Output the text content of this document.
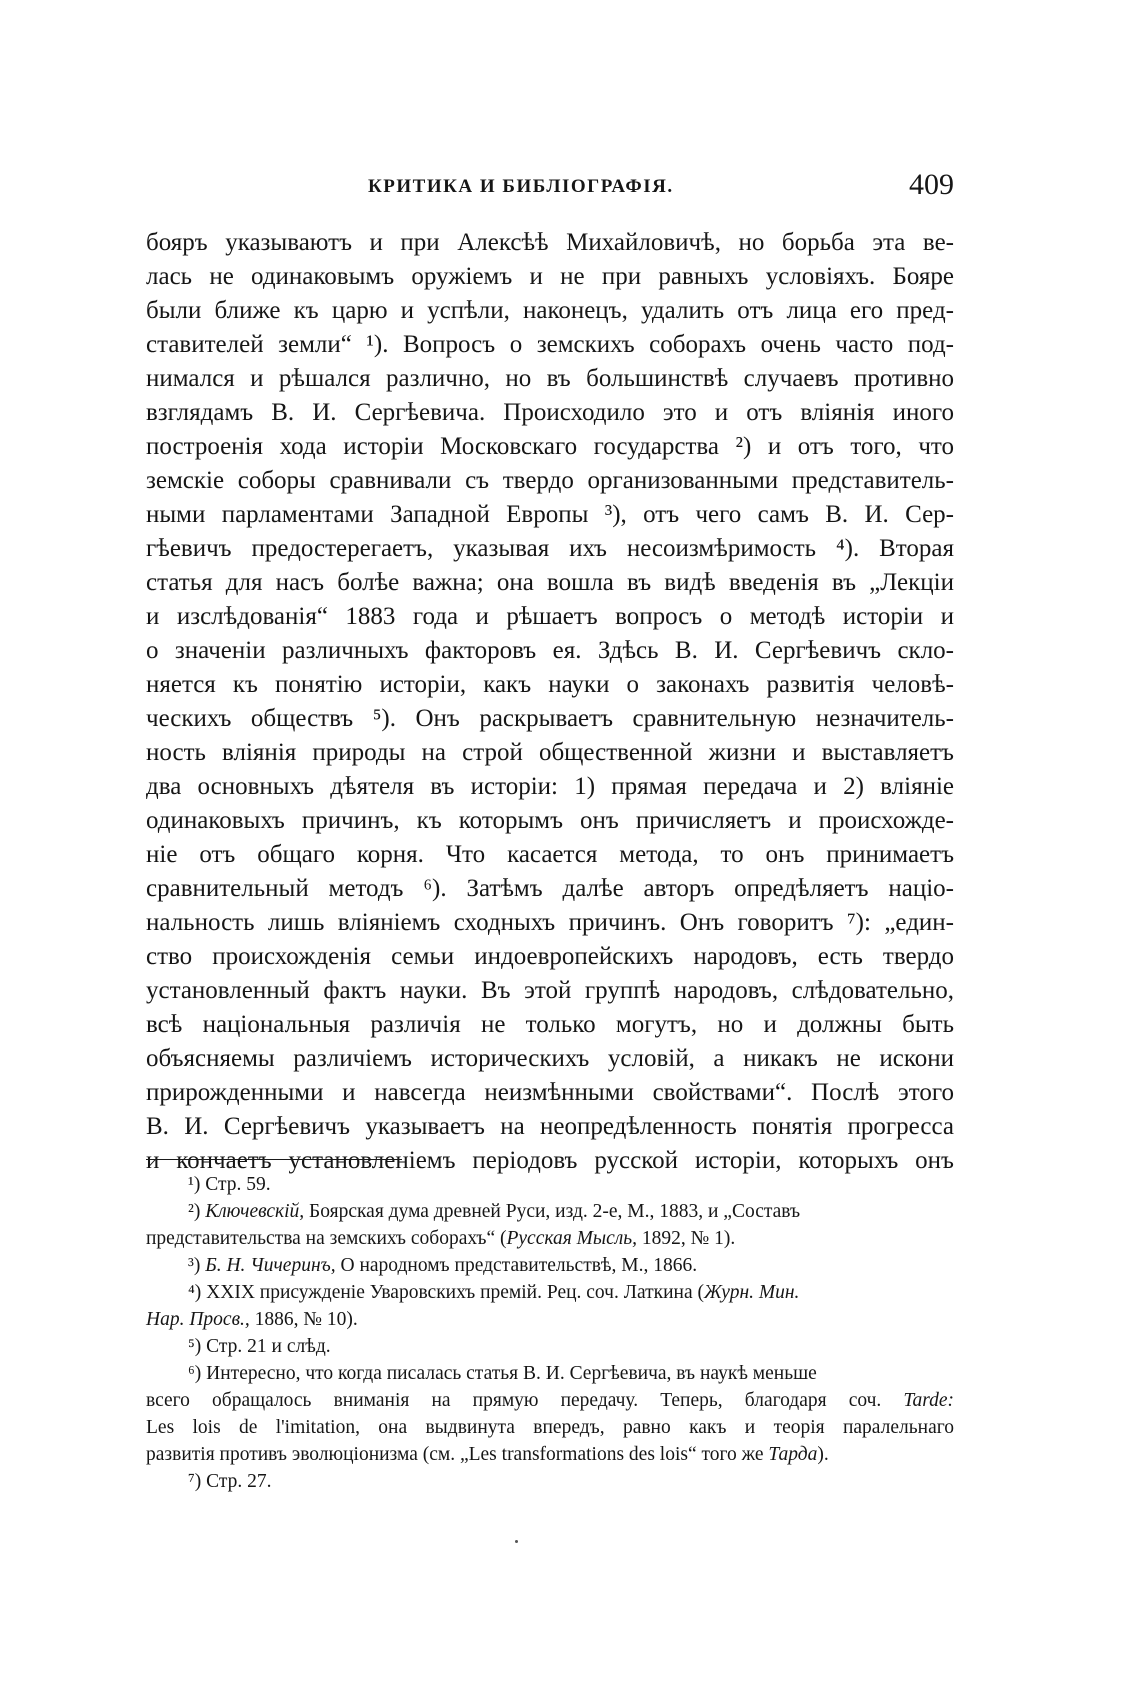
КРИТИКА И БИБЛІОГРАФІЯ.	409
бояръ указываютъ и при Алексѣѣ Михайловичѣ, но борьба эта ве-
лась не одинаковымъ оружіемъ и не при равныхъ условіяхъ. Бояре
были ближе къ царю и успѣли, наконецъ, удалить отъ лица его пред-
ставителей земли“ ¹). Вопросъ о земскихъ соборахъ очень часто под-
нимался и рѣшался различно, но въ большинствѣ случаевъ противно
взглядамъ В. И. Сергѣевича. Происходило это и отъ вліянія иного
построенія хода исторіи Московскаго государства ²) и отъ того, что
земскіе соборы сравнивали съ твердо организованными представитель-
ными парламентами Западной Европы ³), отъ чего самъ В. И. Сер-
гѣевичъ предостерегаетъ, указывая ихъ несоизмѣримость ⁴). Вторая
статья для насъ болѣе важна; она вошла въ видѣ введенія въ „Лекціи
и изслѣдованія“ 1883 года и рѣшаетъ вопросъ о методѣ исторіи и
о значеніи различныхъ факторовъ ея. Здѣсь В. И. Сергѣевичъ скло-
няется къ понятію исторіи, какъ науки о законахъ развитія человѣ-
ческихъ обществъ ⁵). Онъ раскрываетъ сравнительную незначитель-
ность вліянія природы на строй общественной жизни и выставляетъ
два основныхъ дѣятеля въ исторіи: 1) прямая передача и 2) вліяніе
одинаковыхъ причинъ, къ которымъ онъ причисляетъ и происхожде-
ніе отъ общаго корня. Что касается метода, то онъ принимаетъ
сравнительный методъ ⁶). Затѣмъ далѣе авторъ опредѣляетъ націо-
нальность лишь вліяніемъ сходныхъ причинъ. Онъ говоритъ ⁷): „един-
ство происхожденія семьи индоевропейскихъ народовъ, есть твердо
установленный фактъ науки. Въ этой группѣ народовъ, слѣдовательно,
всѣ національныя различія не только могутъ, но и должны быть
объясняемы различіемъ историческихъ условій, а никакъ не искони
прирожденными и навсегда неизмѣнными свойствами“. Послѣ этого
В. И. Сергѣевичъ указываетъ на неопредѣленность понятія прогресса
и кончаетъ установленіемъ періодовъ русской исторіи, которыхъ онъ
¹) Стр. 59.
²) Ключевскій, Боярская дума древней Руси, изд. 2-е, М., 1883, и „Составъ
представительства на земскихъ соборахъ“ (Русская Мысль, 1892, № 1).
³) Б. Н. Чичеринъ, О народномъ представительствѣ, М., 1866.
⁴) XXIX присужденіе Уваровскихъ премій. Рец. соч. Латкина (Журн. Мин.
Нар. Просв., 1886, № 10).
⁵) Стр. 21 и слѣд.
⁶) Интересно, что когда писалась статья В. И. Сергѣевича, въ наукѣ меньше
всего обращалось вниманія на прямую передачу. Теперь, благодаря соч. Tarde:
Les lois de l'imitation, она выдвинута впередъ, равно какъ и теорія паралельнаго
развитія противъ эволюціонизма (см. „Les transformations des lois“ того же Тарда).
⁷) Стр. 27.
